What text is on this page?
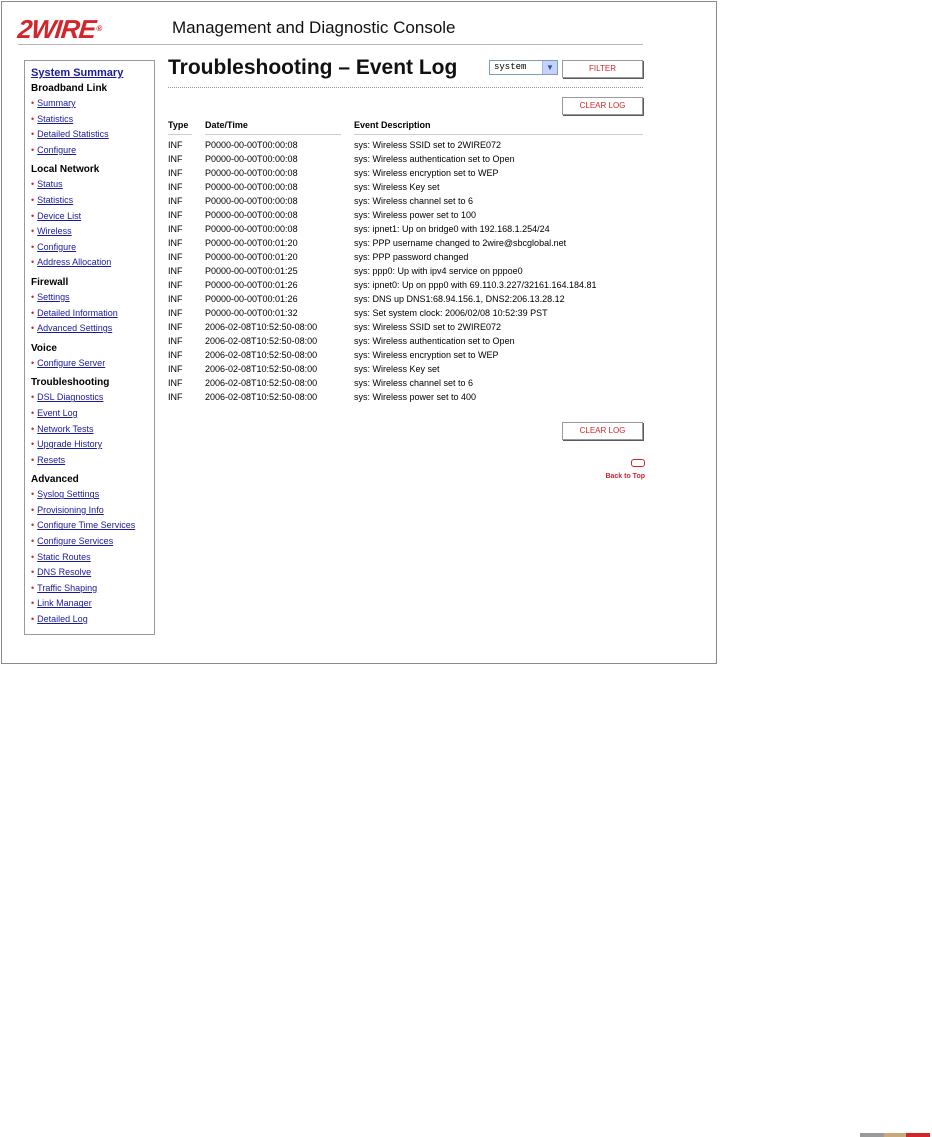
2WIRE®	Management and Diagnostic Console
System Summary
Broadband Link
• Summary
• Statistics
• Detailed Statistics
• Configure
Local Network
• Status
• Statistics
• Device List
• Wireless
• Configure
• Address Allocation
Firewall
• Settings
• Detailed Information
• Advanced Settings
Voice
• Configure Server
Troubleshooting
• DSL Diagnostics
• Event Log
• Network Tests
• Upgrade History
• Resets
Advanced
• Syslog Settings
• Provisioning Info
• Configure Time Services
• Configure Services
• Static Routes
• DNS Resolve
• Traffic Shaping
• Link Manager
• Detailed Log
Troubleshooting – Event Log	system	▼	FILTER
CLEAR LOG
Type Date/Time	Event Description
INF	P0000-00-00T00:00:08	sys: Wireless SSID set to 2WIRE072
INF	P0000-00-00T00:00:08	sys: Wireless authentication set to Open
INF	P0000-00-00T00:00:08	sys: Wireless encryption set to WEP
INF	P0000-00-00T00:00:08	sys: Wireless Key set
INF	P0000-00-00T00:00:08	sys: Wireless channel set to 6
INF	P0000-00-00T00:00:08	sys: Wireless power set to 100
INF	P0000-00-00T00:00:08	sys: ipnet1: Up on bridge0 with 192.168.1.254/24
INF	P0000-00-00T00:01:20	sys: PPP username changed to 2wire@sbcglobal.net
INF	P0000-00-00T00:01:20	sys: PPP password changed
INF	P0000-00-00T00:01:25	sys: ppp0: Up with ipv4 service on pppoe0
INF	P0000-00-00T00:01:26	sys: ipnet0: Up on ppp0 with 69.110.3.227/32161.164.184.81
INF	P0000-00-00T00:01:26	sys: DNS up DNS1:68.94.156.1, DNS2:206.13.28.12
INF	P0000-00-00T00:01:32	sys: Set system clock: 2006/02/08 10:52:39 PST
INF	2006-02-08T10:52:50-08:00	sys: Wireless SSID set to 2WIRE072
INF	2006-02-08T10:52:50-08:00	sys: Wireless authentication set to Open
INF	2006-02-08T10:52:50-08:00	sys: Wireless encryption set to WEP
INF	2006-02-08T10:52:50-08:00	sys: Wireless Key set
INF	2006-02-08T10:52:50-08:00	sys: Wireless channel set to 6
INF	2006-02-08T10:52:50-08:00	sys: Wireless power set to 400
CLEAR LOG
Back to Top
